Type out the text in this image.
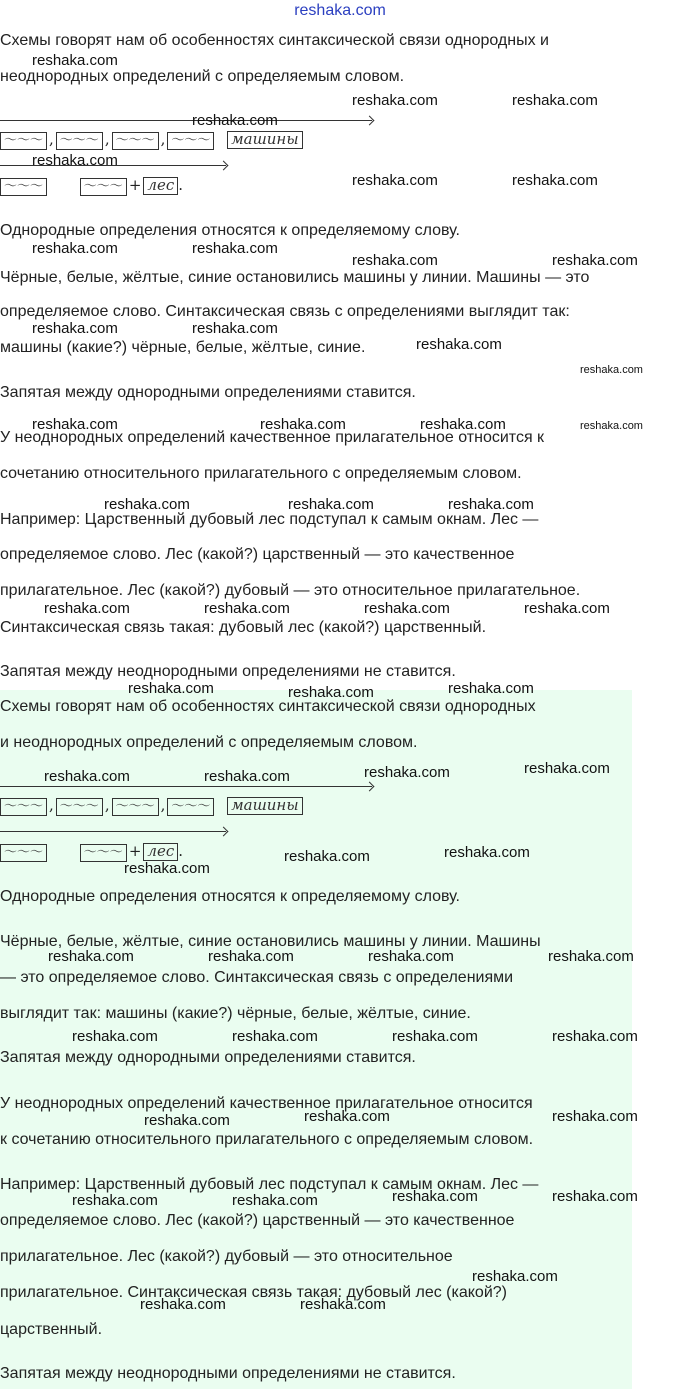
reshaka.com
Схемы говорят нам об особенностях синтаксической связи однородных и
неоднородных определений с определяемым словом.
〜〜〜 , 〜〜〜 , 〜〜〜 , 〜〜〜 машины
〜〜〜	〜〜〜 + лес .
Однородные определения относятся к определяемому слову.
Чёрные, белые, жёлтые, синие остановились машины у линии. Машины — это
определяемое слово. Синтаксическая связь с определениями выглядит так:
машины (какие?) чёрные, белые, жёлтые, синие.
Запятая между однородными определениями ставится.
У неоднородных определений качественное прилагательное относится к
сочетанию относительного прилагательного с определяемым словом.
Например: Царственный дубовый лес подступал к самым окнам. Лес —
определяемое слово. Лес (какой?) царственный — это качественное
прилагательное. Лес (какой?) дубовый — это относительное прилагательное.
Синтаксическая связь такая: дубовый лес (какой?) царственный.
Запятая между неоднородными определениями не ставится.
Схемы говорят нам об особенностях синтаксической связи однородных
и неоднородных определений с определяемым словом.
〜〜〜 , 〜〜〜 , 〜〜〜 , 〜〜〜 машины
〜〜〜	〜〜〜 + лес .
Однородные определения относятся к определяемому слову.
Чёрные, белые, жёлтые, синие остановились машины у линии. Машины
— это определяемое слово. Синтаксическая связь с определениями
выглядит так: машины (какие?) чёрные, белые, жёлтые, синие.
Запятая между однородными определениями ставится.
У неоднородных определений качественное прилагательное относится
к сочетанию относительного прилагательного с определяемым словом.
Например: Царственный дубовый лес подступал к самым окнам. Лес —
определяемое слово. Лес (какой?) царственный — это качественное
прилагательное. Лес (какой?) дубовый — это относительное
прилагательное. Синтаксическая связь такая: дубовый лес (какой?)
царственный.
Запятая между неоднородными определениями не ставится.
reshaka.com
reshaka.com	reshaka.com
reshaka.com
reshaka.com
reshaka.com	reshaka.com
reshaka.com	reshaka.com
reshaka.com	reshaka.com
reshaka.com	reshaka.com
reshaka.com
reshaka.com
reshaka.com	reshaka.com	reshaka.com	reshaka.com
reshaka.com	reshaka.com	reshaka.com
reshaka.com	reshaka.com	reshaka.com	reshaka.com
reshaka.com	reshaka.com	reshaka.com
reshaka.com	reshaka.com	reshaka.com	reshaka.com
reshaka.com	reshaka.com
reshaka.com
reshaka.com	reshaka.com	reshaka.com	reshaka.com
reshaka.com	reshaka.com	reshaka.com	reshaka.com
reshaka.com	reshaka.com
reshaka.com
reshaka.com	reshaka.com
reshaka.com	reshaka.com
reshaka.com
reshaka.com	reshaka.com
